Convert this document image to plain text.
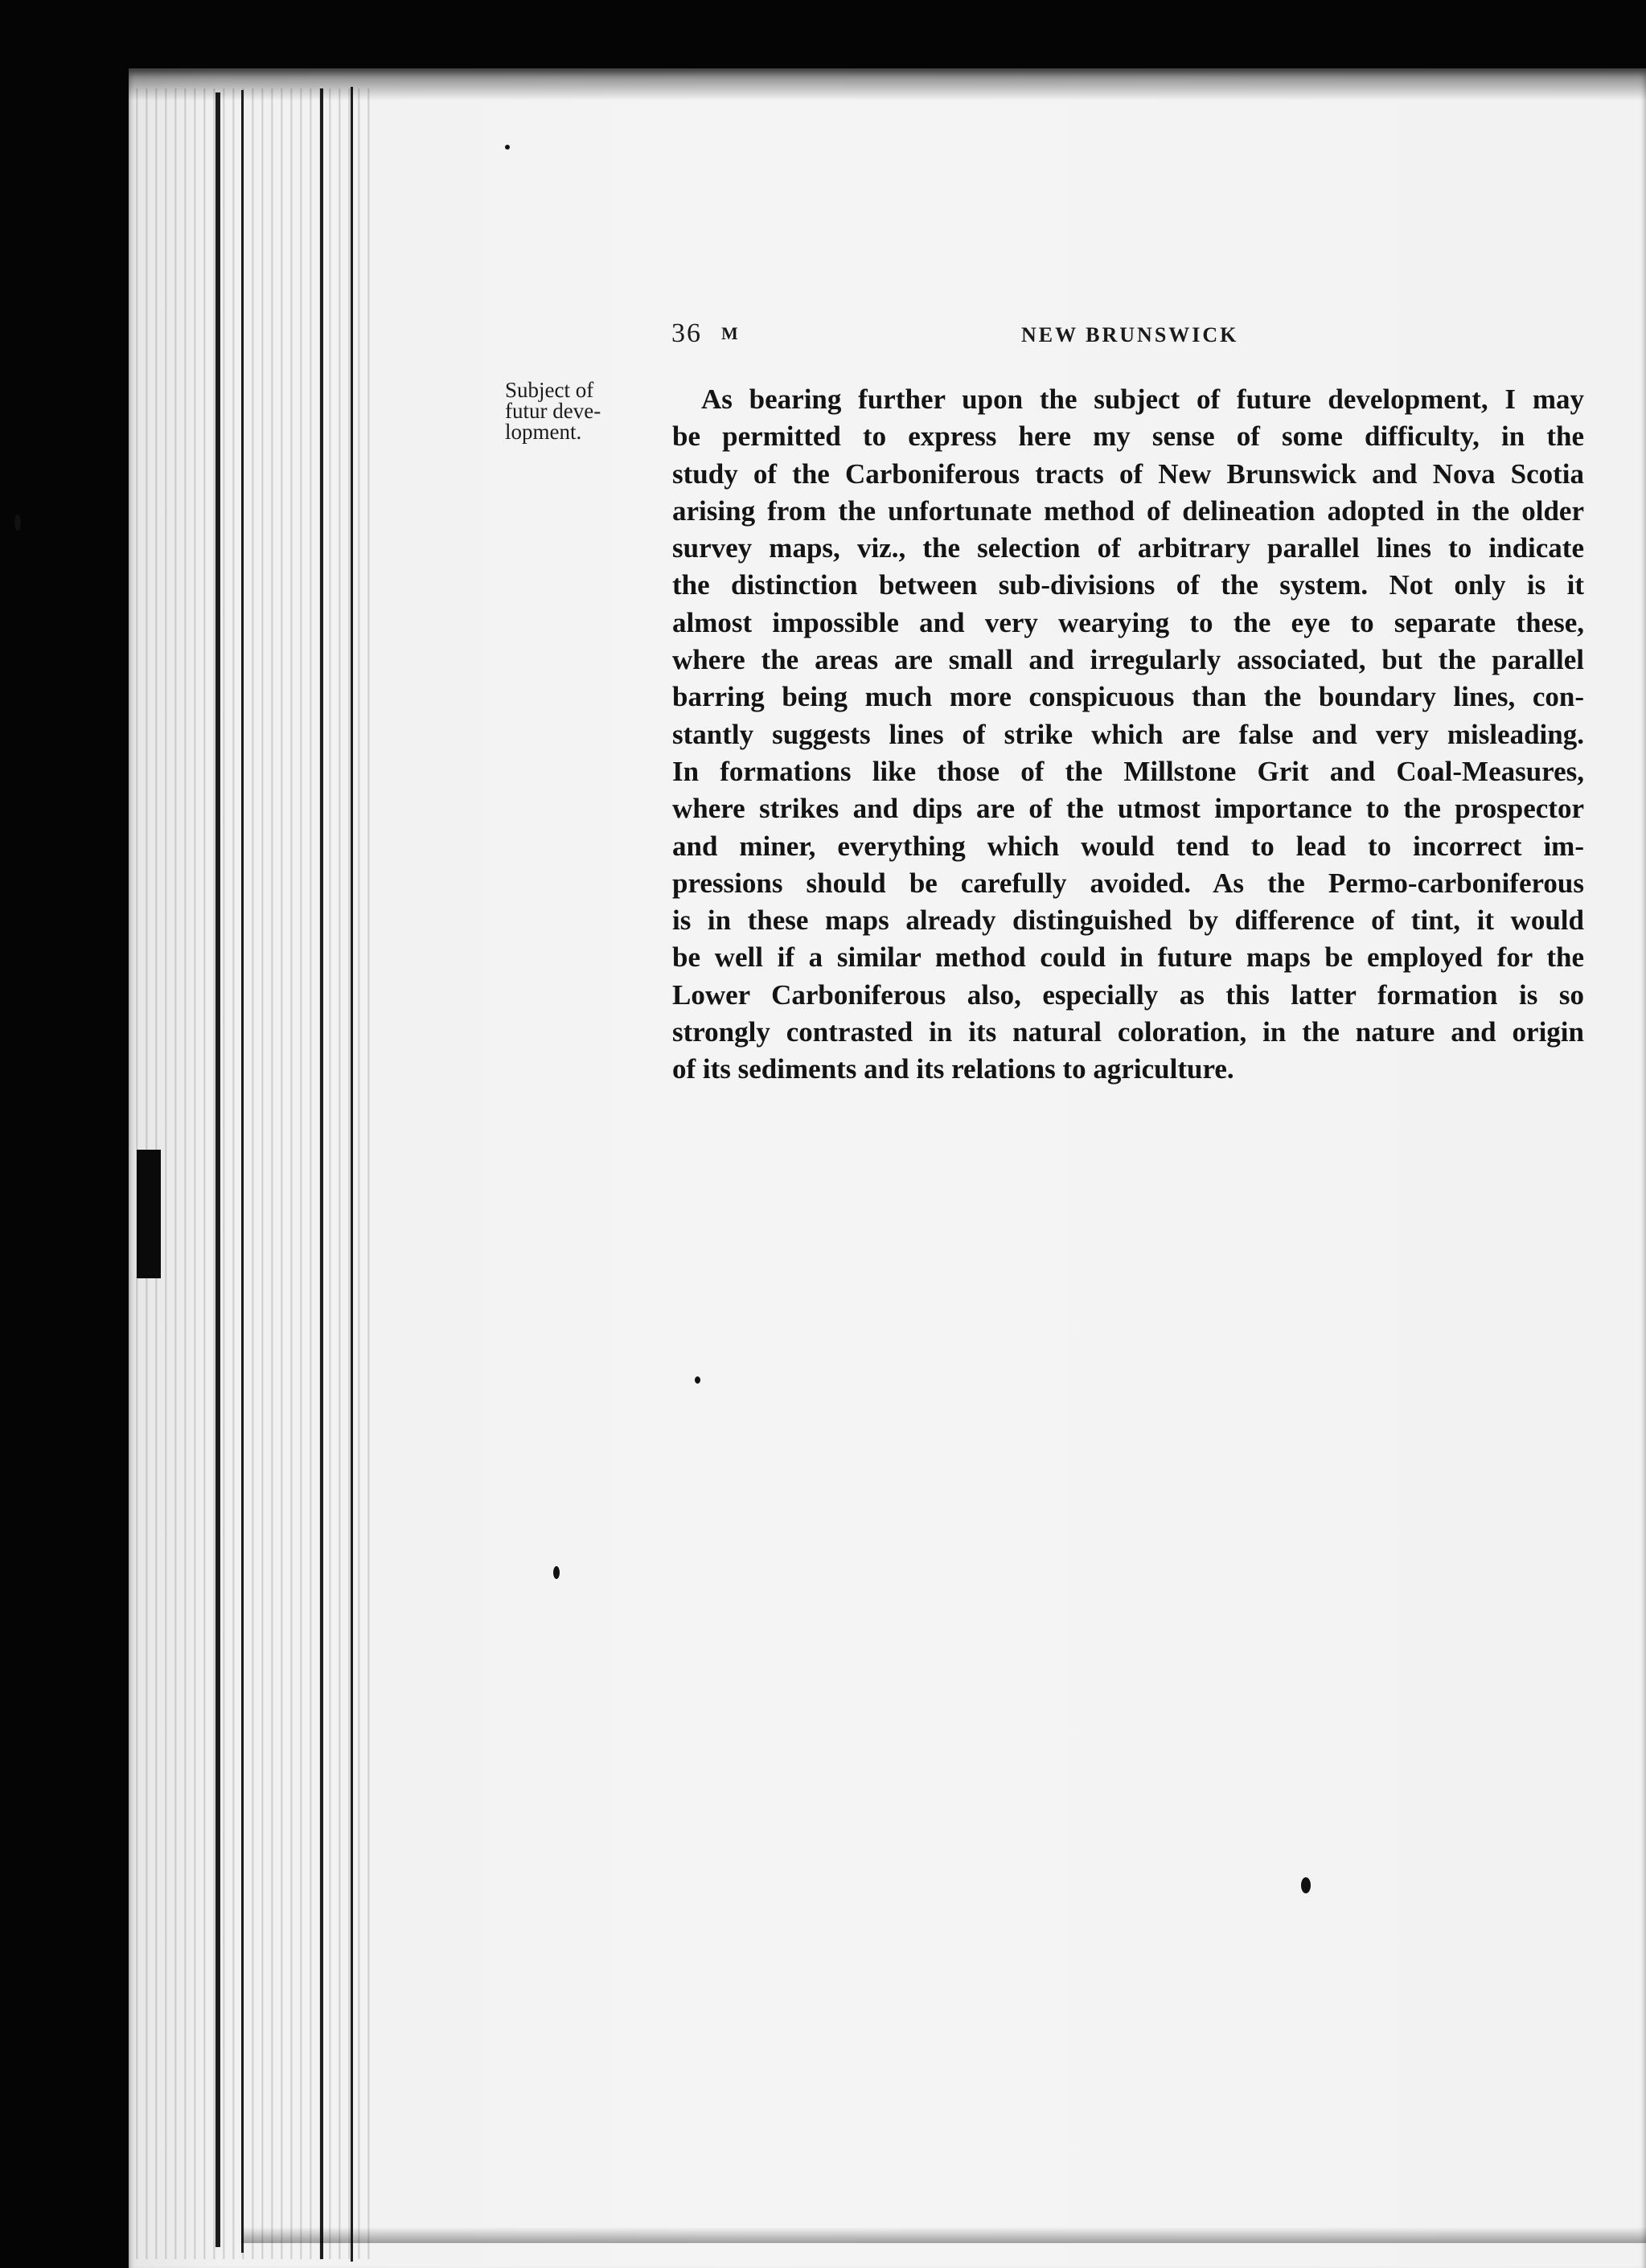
36 M	NEW BRUNSWICK
Subject of
futur deve-
lopment.
As bearing further upon the subject of future development, I may
be permitted to express here my sense of some difficulty, in the
study of the Carboniferous tracts of New Brunswick and Nova Scotia
arising from the unfortunate method of delineation adopted in the older
survey maps, viz., the selection of arbitrary parallel lines to indicate
the distinction between sub-divisions of the system. Not only is it
almost impossible and very wearying to the eye to separate these,
where the areas are small and irregularly associated, but the parallel
barring being much more conspicuous than the boundary lines, con-
stantly suggests lines of strike which are false and very misleading.
In formations like those of the Millstone Grit and Coal-Measures,
where strikes and dips are of the utmost importance to the prospector
and miner, everything which would tend to lead to incorrect im-
pressions should be carefully avoided. As the Permo-carboniferous
is in these maps already distinguished by difference of tint, it would
be well if a similar method could in future maps be employed for the
Lower Carboniferous also, especially as this latter formation is so
strongly contrasted in its natural coloration, in the nature and origin
of its sediments and its relations to agriculture.
